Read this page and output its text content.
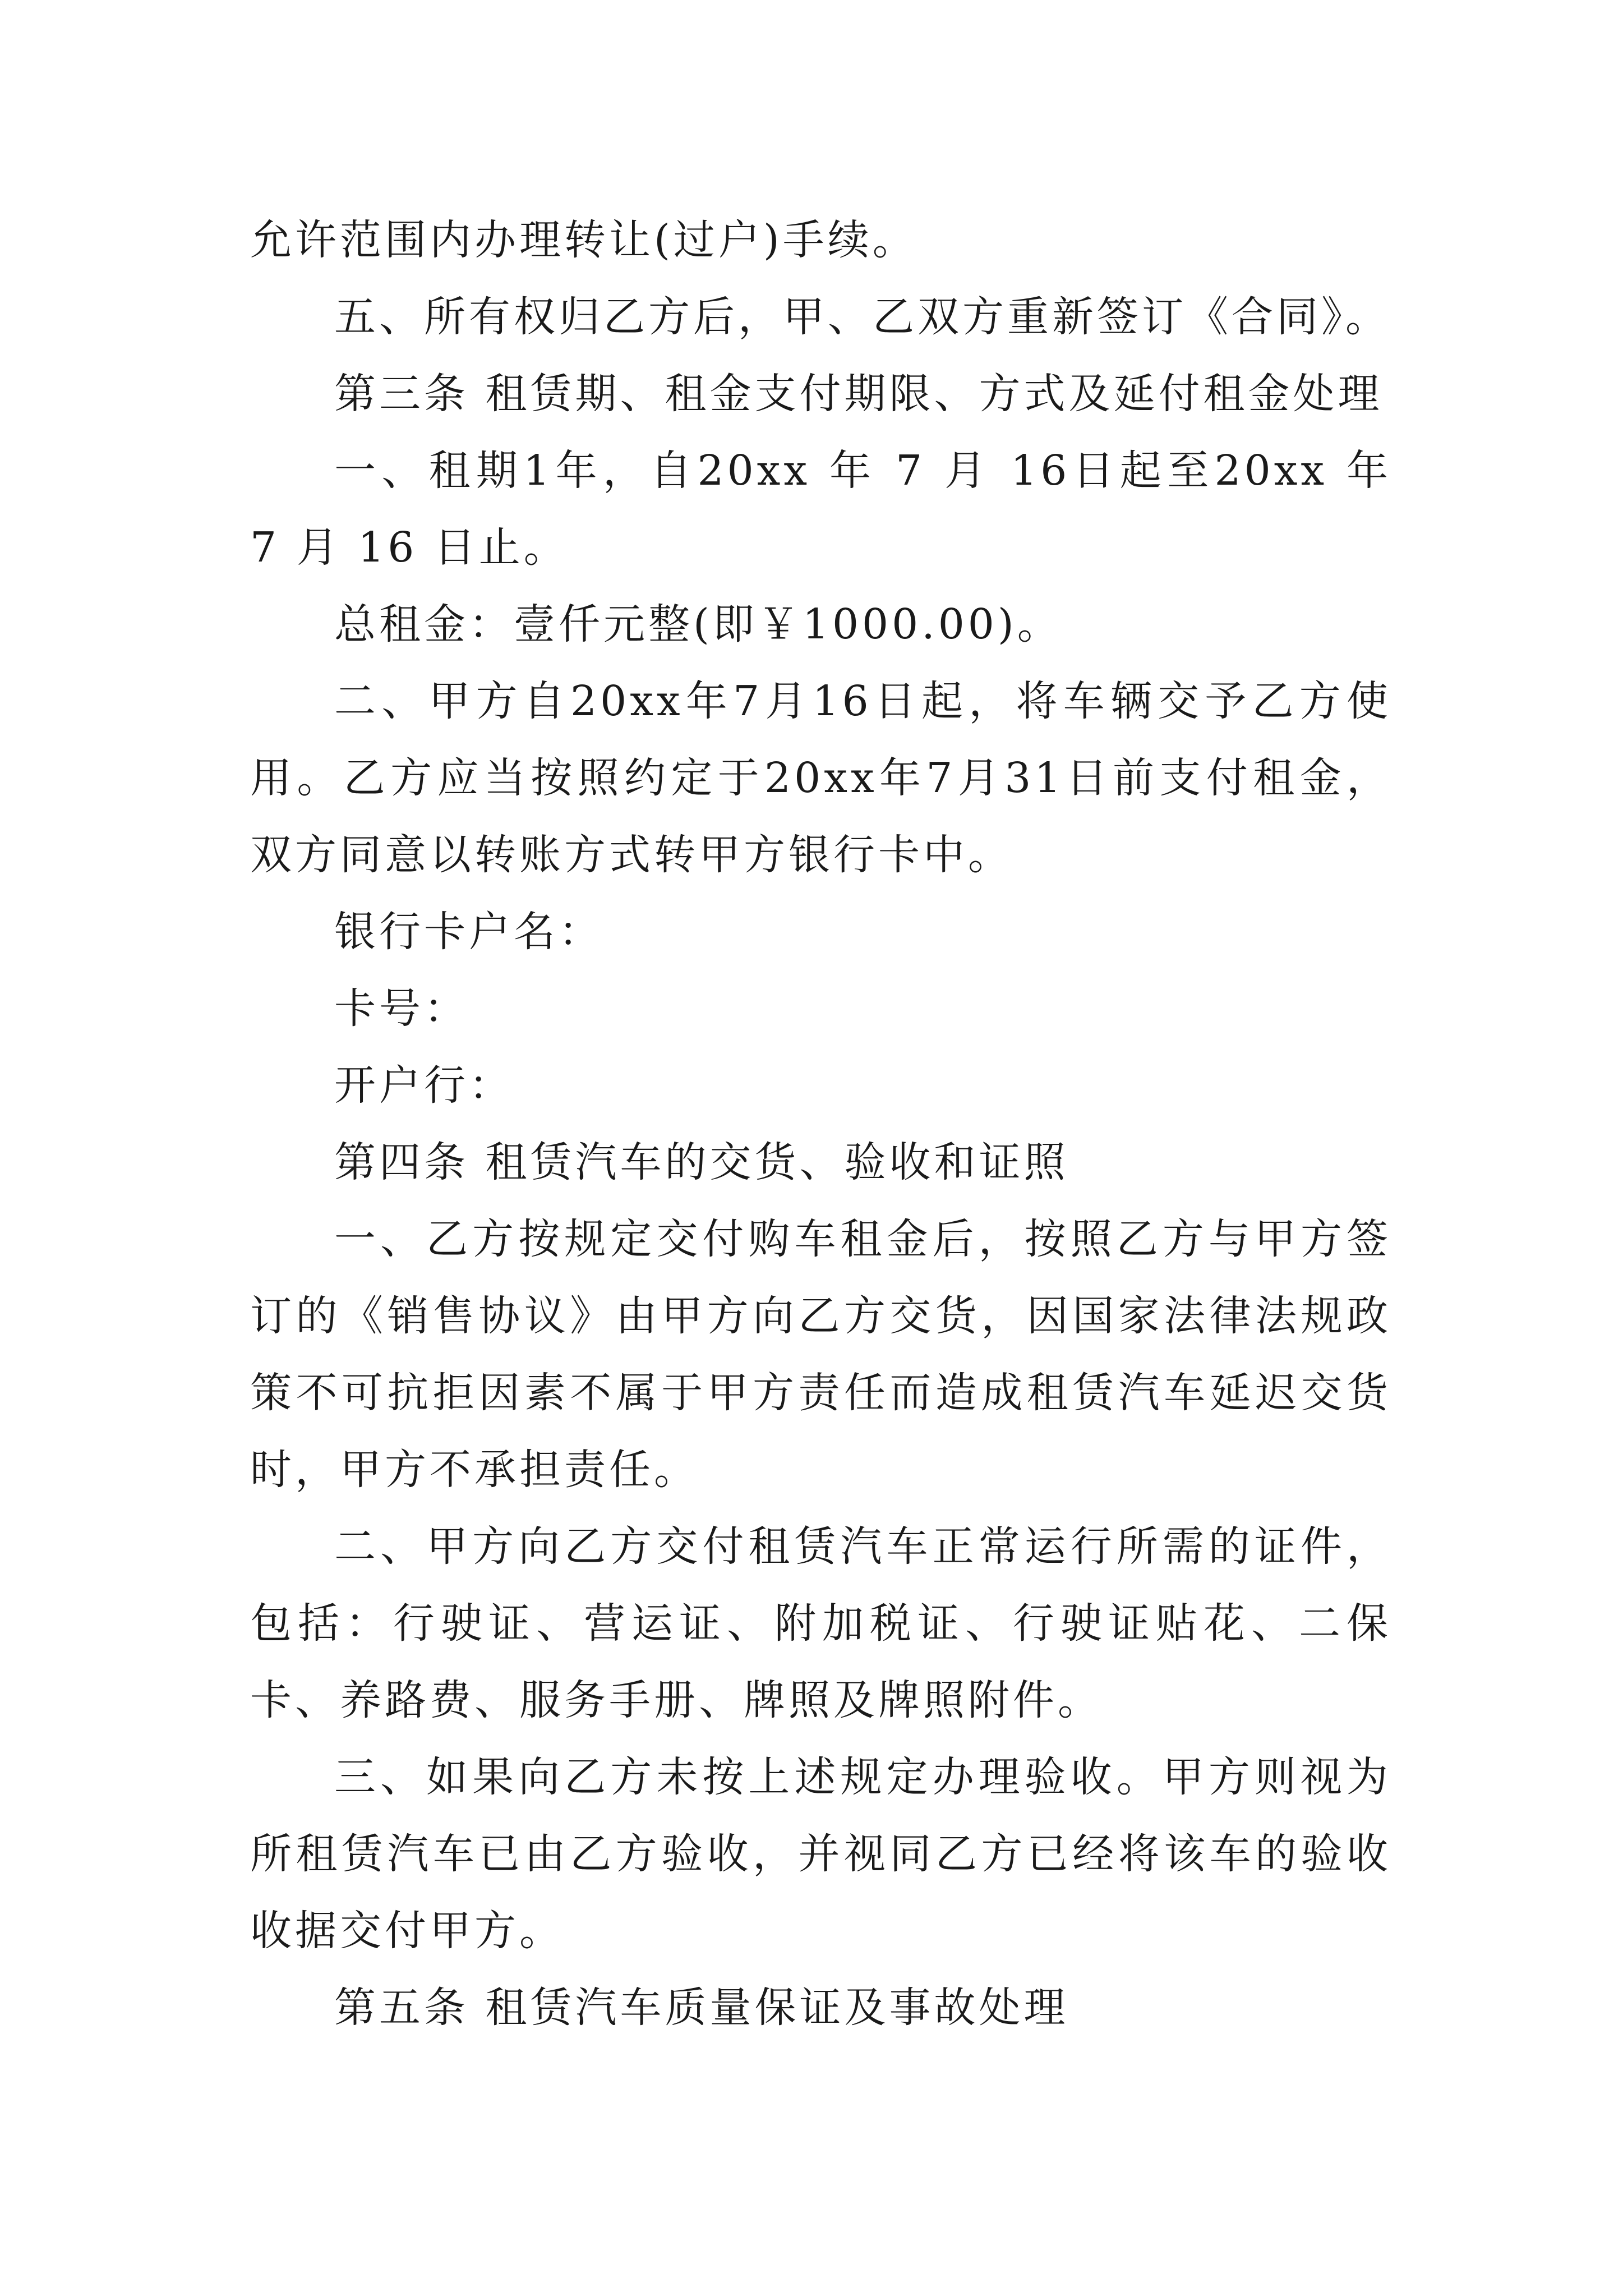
允许范围内办理转让(过户)手续。

五、所有权归乙方后，甲、乙双方重新签订《合同》。

第三条 租赁期、租金支付期限、方式及延付租金处理

一、租期1年，自20xx 年 7 月 16日起至20xx 年 7 月 16 日止。

总租金：壹仟元整(即￥1000.00)。

二、甲方自20xx年7月16日起，将车辆交予乙方使用。乙方应当按照约定于20xx年7月31日前支付租金，双方同意以转账方式转甲方银行卡中。

银行卡户名：

卡号：

开户行：

第四条 租赁汽车的交货、验收和证照

一、乙方按规定交付购车租金后，按照乙方与甲方签订的《销售协议》由甲方向乙方交货，因国家法律法规政策不可抗拒因素不属于甲方责任而造成租赁汽车延迟交货时，甲方不承担责任。

二、甲方向乙方交付租赁汽车正常运行所需的证件，包括：行驶证、营运证、附加税证、行驶证贴花、二保卡、养路费、服务手册、牌照及牌照附件。

三、如果向乙方未按上述规定办理验收。甲方则视为所租赁汽车已由乙方验收，并视同乙方已经将该车的验收收据交付甲方。

第五条 租赁汽车质量保证及事故处理
